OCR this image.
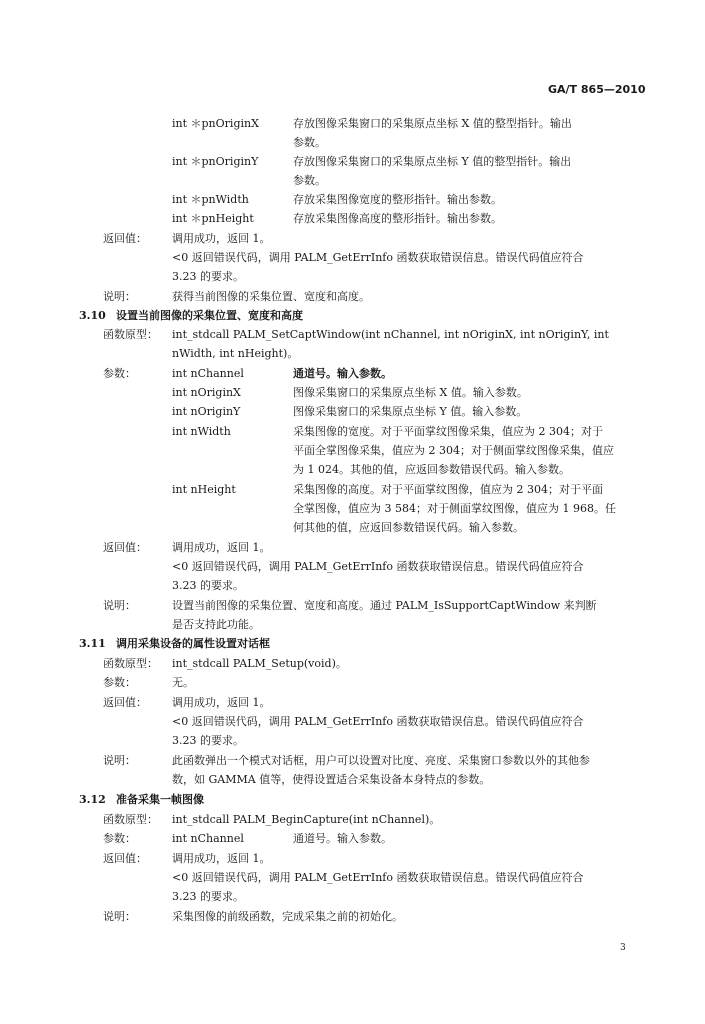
GA/T 865—2010
int ＊pnOriginX	存放图像采集窗口的采集原点坐标 X 值的整型指针。输出
参数。
int ＊pnOriginY	存放图像采集窗口的采集原点坐标 Y 值的整型指针。输出
参数。
int ＊pnWidth	存放采集图像宽度的整形指针。输出参数。
int ＊pnHeight	存放采集图像高度的整形指针。输出参数。
返回值： 调用成功，返回 1。
<0 返回错误代码，调用 PALM_GetErrInfo 函数获取错误信息。错误代码值应符合
3.23 的要求。
说明：	获得当前图像的采集位置、宽度和高度。
3.10 设置当前图像的采集位置、宽度和高度
函数原型： int_stdcall PALM_SetCaptWindow(int nChannel, int nOriginX, int nOriginY, int
nWidth, int nHeight)。
参数：	int nChannel	通道号。输入参数。
int nOriginX	图像采集窗口的采集原点坐标 X 值。输入参数。
int nOriginY	图像采集窗口的采集原点坐标 Y 值。输入参数。
int nWidth	采集图像的宽度。对于平面掌纹图像采集，值应为 2 304；对于
平面全掌图像采集，值应为 2 304；对于侧面掌纹图像采集，值应
为 1 024。其他的值，应返回参数错误代码。输入参数。
int nHeight	采集图像的高度。对于平面掌纹图像，值应为 2 304；对于平面
全掌图像，值应为 3 584；对于侧面掌纹图像，值应为 1 968。任
何其他的值，应返回参数错误代码。输入参数。
返回值： 调用成功，返回 1。
<0 返回错误代码，调用 PALM_GetErrInfo 函数获取错误信息。错误代码值应符合
3.23 的要求。
说明：	设置当前图像的采集位置、宽度和高度。通过 PALM_IsSupportCaptWindow 来判断
是否支持此功能。
3.11 调用采集设备的属性设置对话框
函数原型： int_stdcall PALM_Setup(void)。
参数：	无。
返回值： 调用成功，返回 1。
<0 返回错误代码，调用 PALM_GetErrInfo 函数获取错误信息。错误代码值应符合
3.23 的要求。
说明：	此函数弹出一个模式对话框，用户可以设置对比度、亮度、采集窗口参数以外的其他参
数，如 GAMMA 值等，使得设置适合采集设备本身特点的参数。
3.12 准备采集一帧图像
函数原型： int_stdcall PALM_BeginCapture(int nChannel)。
参数：	int nChannel	通道号。输入参数。
返回值： 调用成功，返回 1。
<0 返回错误代码，调用 PALM_GetErrInfo 函数获取错误信息。错误代码值应符合
3.23 的要求。
说明：	采集图像的前级函数，完成采集之前的初始化。
3
